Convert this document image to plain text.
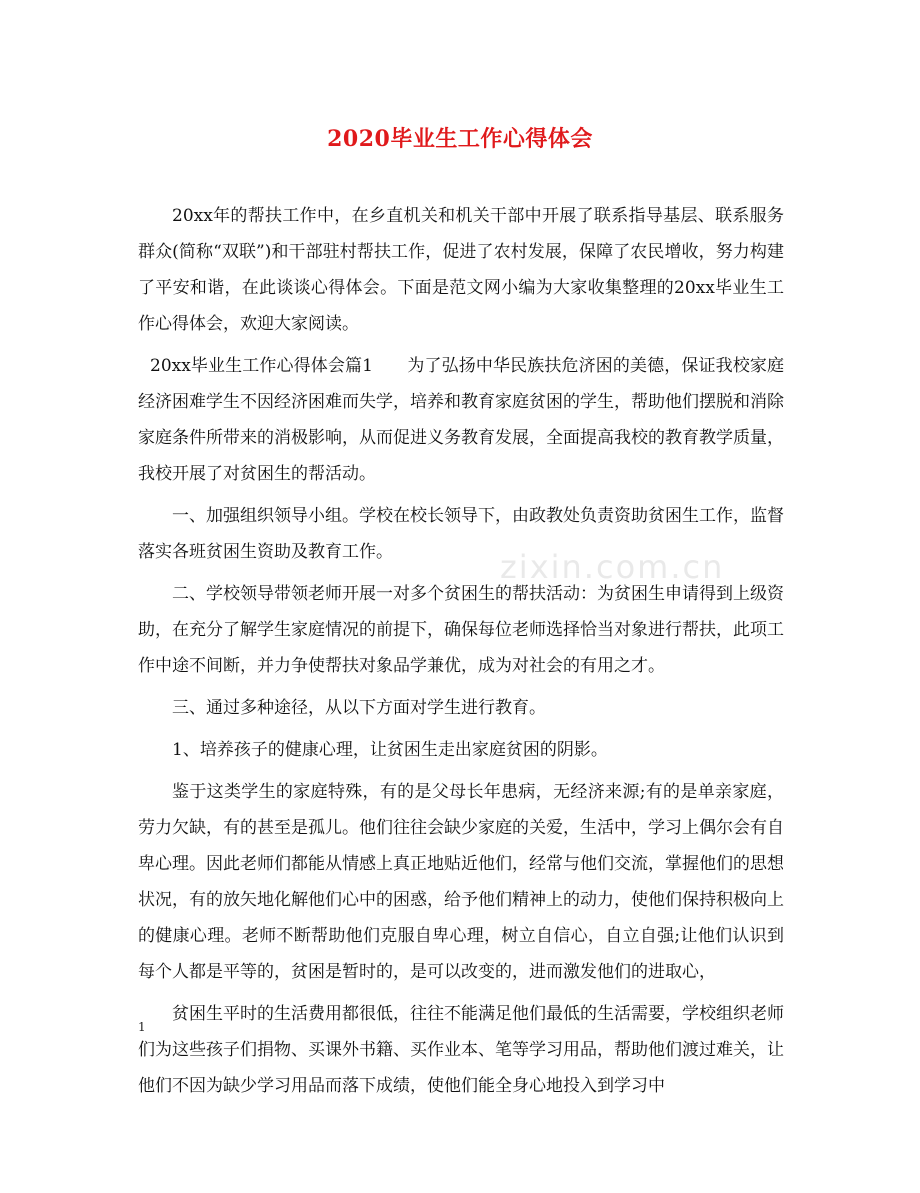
2020毕业生工作心得体会

20xx年的帮扶工作中，在乡直机关和机关干部中开展了联系指导基层、联系服务群众(简称“双联”)和干部驻村帮扶工作，促进了农村发展，保障了农民增收，努力构建了平安和谐，在此谈谈心得体会。下面是范文网小编为大家收集整理的20xx毕业生工作心得体会，欢迎大家阅读。

20xx毕业生工作心得体会篇1　　为了弘扬中华民族扶危济困的美德，保证我校家庭经济困难学生不因经济困难而失学，培养和教育家庭贫困的学生，帮助他们摆脱和消除家庭条件所带来的消极影响，从而促进义务教育发展，全面提高我校的教育教学质量，我校开展了对贫困生的帮活动。

一、加强组织领导小组。学校在校长领导下，由政教处负责资助贫困生工作，监督落实各班贫困生资助及教育工作。

二、学校领导带领老师开展一对多个贫困生的帮扶活动：为贫困生申请得到上级资助，在充分了解学生家庭情况的前提下，确保每位老师选择恰当对象进行帮扶，此项工作中途不间断，并力争使帮扶对象品学兼优，成为对社会的有用之才。

三、通过多种途径，从以下方面对学生进行教育。

1、培养孩子的健康心理，让贫困生走出家庭贫困的阴影。

鉴于这类学生的家庭特殊，有的是父母长年患病，无经济来源;有的是单亲家庭，劳力欠缺，有的甚至是孤儿。他们往往会缺少家庭的关爱，生活中，学习上偶尔会有自卑心理。因此老师们都能从情感上真正地贴近他们，经常与他们交流，掌握他们的思想状况，有的放矢地化解他们心中的困惑，给予他们精神上的动力，使他们保持积极向上的健康心理。老师不断帮助他们克服自卑心理，树立自信心，自立自强;让他们认识到每个人都是平等的，贫困是暂时的，是可以改变的，进而激发他们的进取心，

贫困生平时的生活费用都很低，往往不能满足他们最低的生活需要，学校组织老师们为这些孩子们捐物、买课外书籍、买作业本、笔等学习用品，帮助他们渡过难关，让他们不因为缺少学习用品而落下成绩，使他们能全身心地投入到学习中

zixin.com.cn
1
